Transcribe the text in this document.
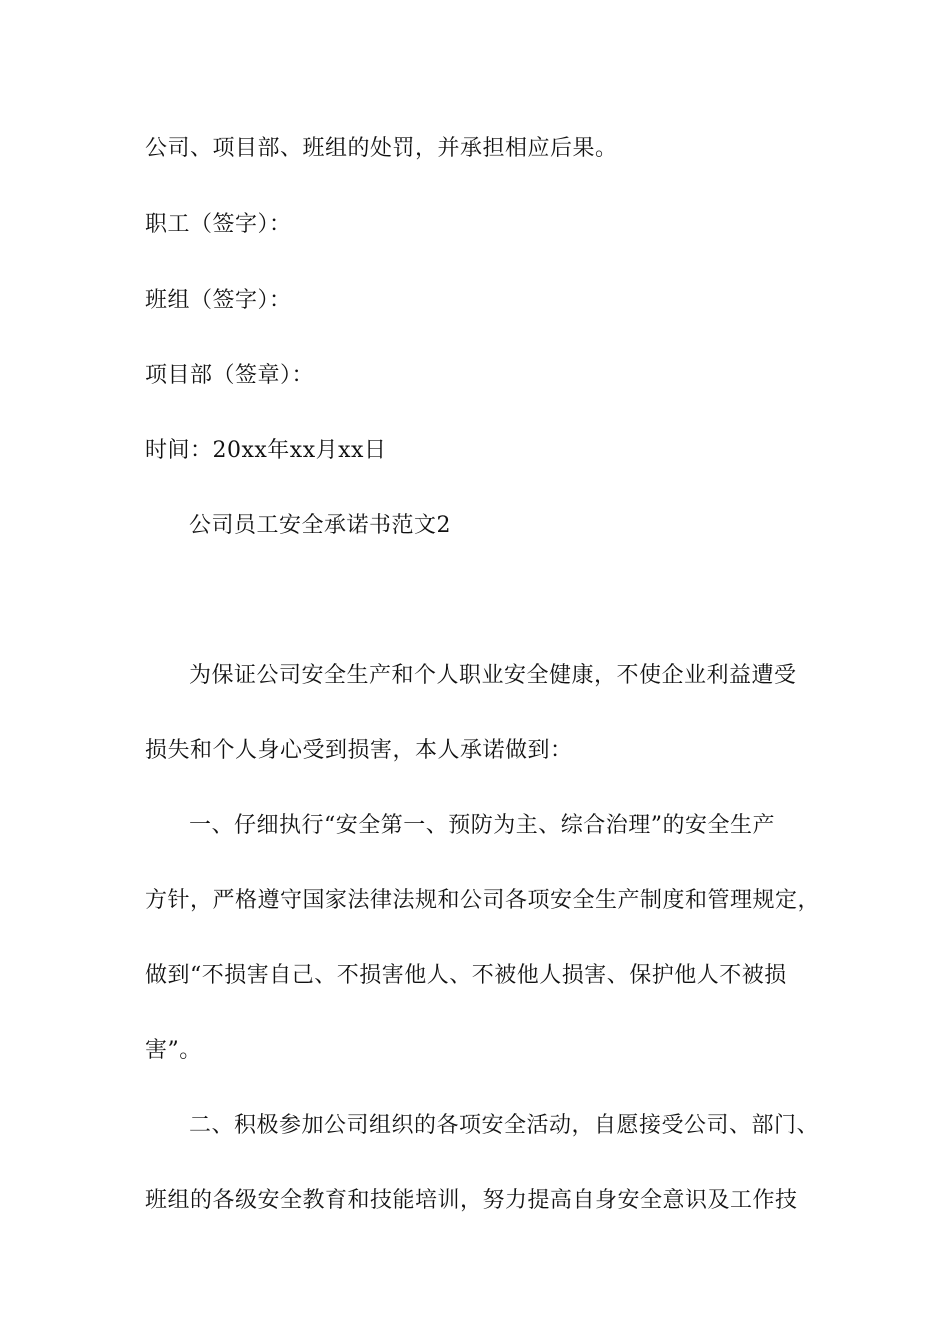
公司、项目部、班组的处罚，并承担相应后果。
职工（签字）：
班组（签字）：
项目部（签章）：
时间：20xx年xx月xx日
公司员工安全承诺书范文2
为保证公司安全生产和个人职业安全健康，不使企业利益遭受
损失和个人身心受到损害，本人承诺做到：
一、仔细执行“安全第一、预防为主、综合治理”的安全生产
方针，严格遵守国家法律法规和公司各项安全生产制度和管理规定，
做到“不损害自己、不损害他人、不被他人损害、保护他人不被损
害”。
二、积极参加公司组织的各项安全活动，自愿接受公司、部门、
班组的各级安全教育和技能培训，努力提高自身安全意识及工作技
